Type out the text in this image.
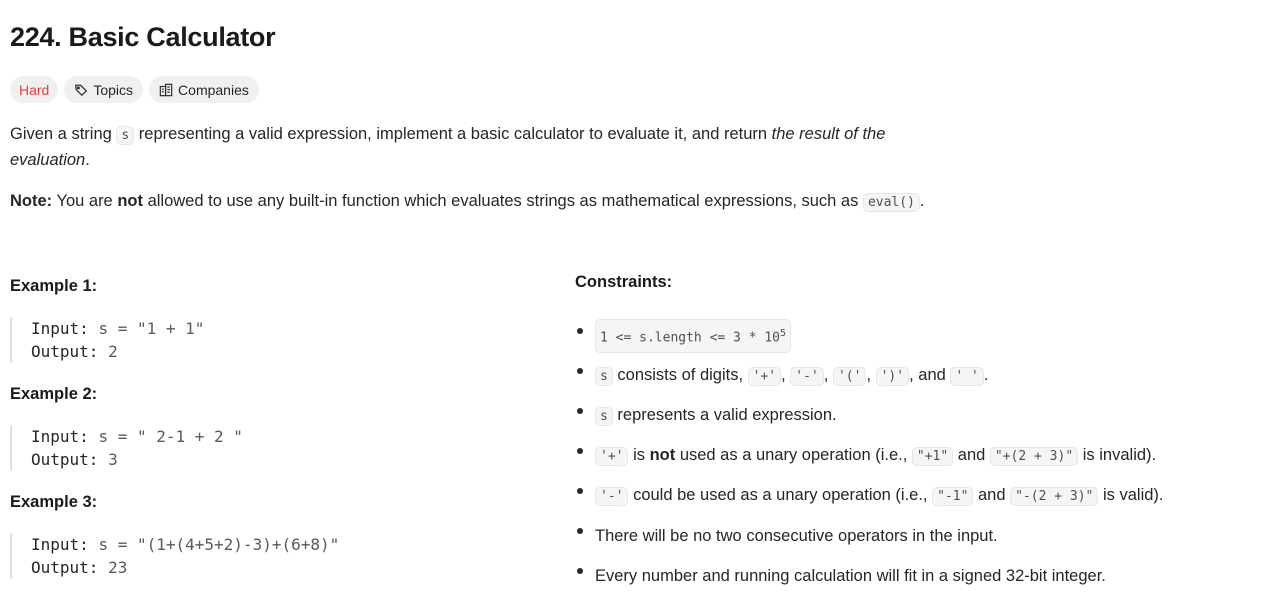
224. Basic Calculator
Hard	Topics	Companies

Given a string s representing a valid expression, implement a basic calculator to evaluate it, and return the result of the evaluation.

Note: You are not allowed to use any built-in function which evaluates strings as mathematical expressions, such as eval() .

Example 1:
Input: s = "1 + 1"
Output: 2
Example 2:
Input: s = " 2-1 + 2 "
Output: 3
Example 3:
Input: s = "(1+(4+5+2)-3)+(6+8)"
Output: 23
Constraints:
1 <= s.length <= $3 * 10^5$
s consists of digits, '+' , '-' , '(' , ')' , and ' ' .
s represents a valid expression.
'+' is not used as a unary operation (i.e., "+1" and "+(2 + 3)" is invalid).
'-' could be used as a unary operation (i.e., "-1" and "-(2 + 3)" is valid).
There will be no two consecutive operators in the input.
Every number and running calculation will fit in a signed 32-bit integer.
